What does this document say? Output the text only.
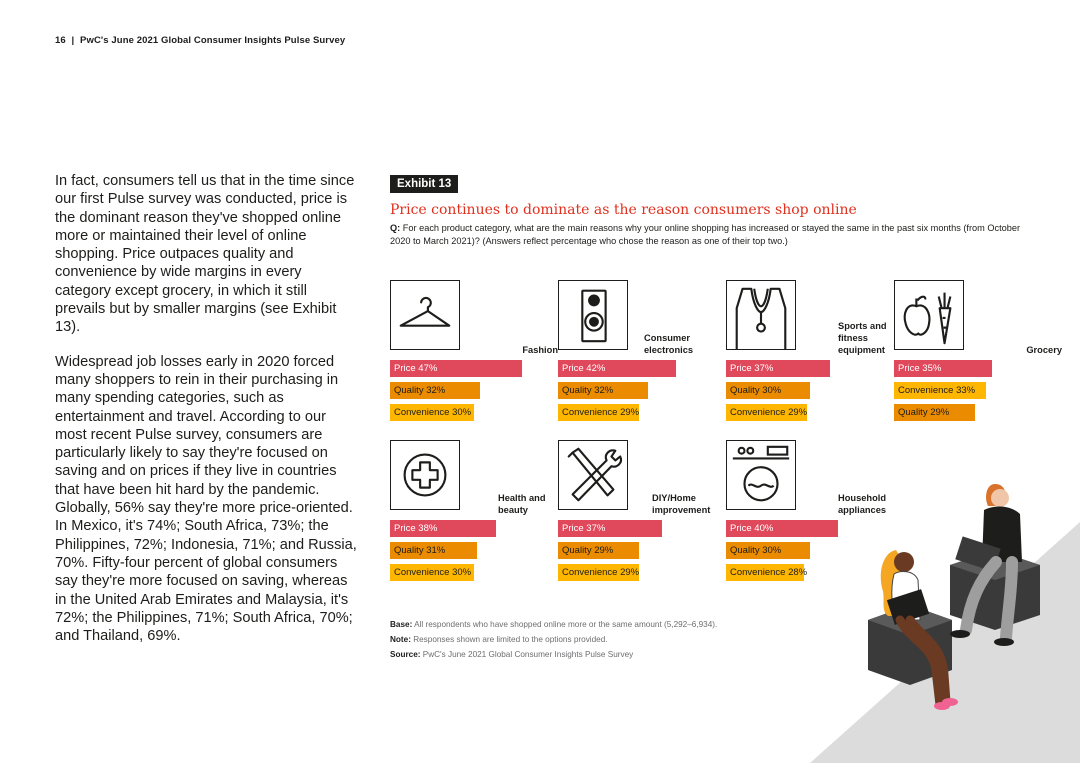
16 | PwC's June 2021 Global Consumer Insights Pulse Survey

In fact, consumers tell us that in the time since our first Pulse survey was conducted, price is the dominant reason they've shopped online more or maintained their level of online shopping. Price outpaces quality and convenience by wide margins in every category except grocery, in which it still prevails but by smaller margins (see Exhibit 13).

Widespread job losses early in 2020 forced many shoppers to rein in their purchasing in many spending categories, such as entertainment and travel. According to our most recent Pulse survey, consumers are particularly likely to say they're focused on saving and on prices if they live in countries that have been hit hard by the pandemic. Globally, 56% say they're more price-oriented. In Mexico, it's 74%; South Africa, 73%; the Philippines, 72%; Indonesia, 71%; and Russia, 70%. Fifty-four percent of global consumers say they're more focused on saving, whereas in the United Arab Emirates and Malaysia, it's 72%; the Philippines, 71%; South Africa, 70%; and Thailand, 69%.

Exhibit 13
Price continues to dominate as the reason consumers shop online
Q: For each product category, what are the main reasons why your online shopping has increased or stayed the same in the past six months (from October 2020 to March 2021)? (Answers reflect percentage who chose the reason as one of their top two.)
Fashion
Consumer electronics
Sports and fitness equipment	Grocery
Health and beauty
DIY/Home improvement
Household appliances
Price 47%
Quality 32%
Convenience 30%
Price 42%
Quality 32%
Convenience 29%
Price 37%
Quality 30%
Convenience 29%
Price 35%
Convenience 33%
Quality 29%
Price 38%
Quality 31%
Convenience 30%
Price 37%
Quality 29%
Convenience 29%
Price 40%
Quality 30%
Convenience 28%
Base: All respondents who have shopped online more or the same amount (5,292–6,934).
Note: Responses shown are limited to the options provided.
Source: PwC's June 2021 Global Consumer Insights Pulse Survey
